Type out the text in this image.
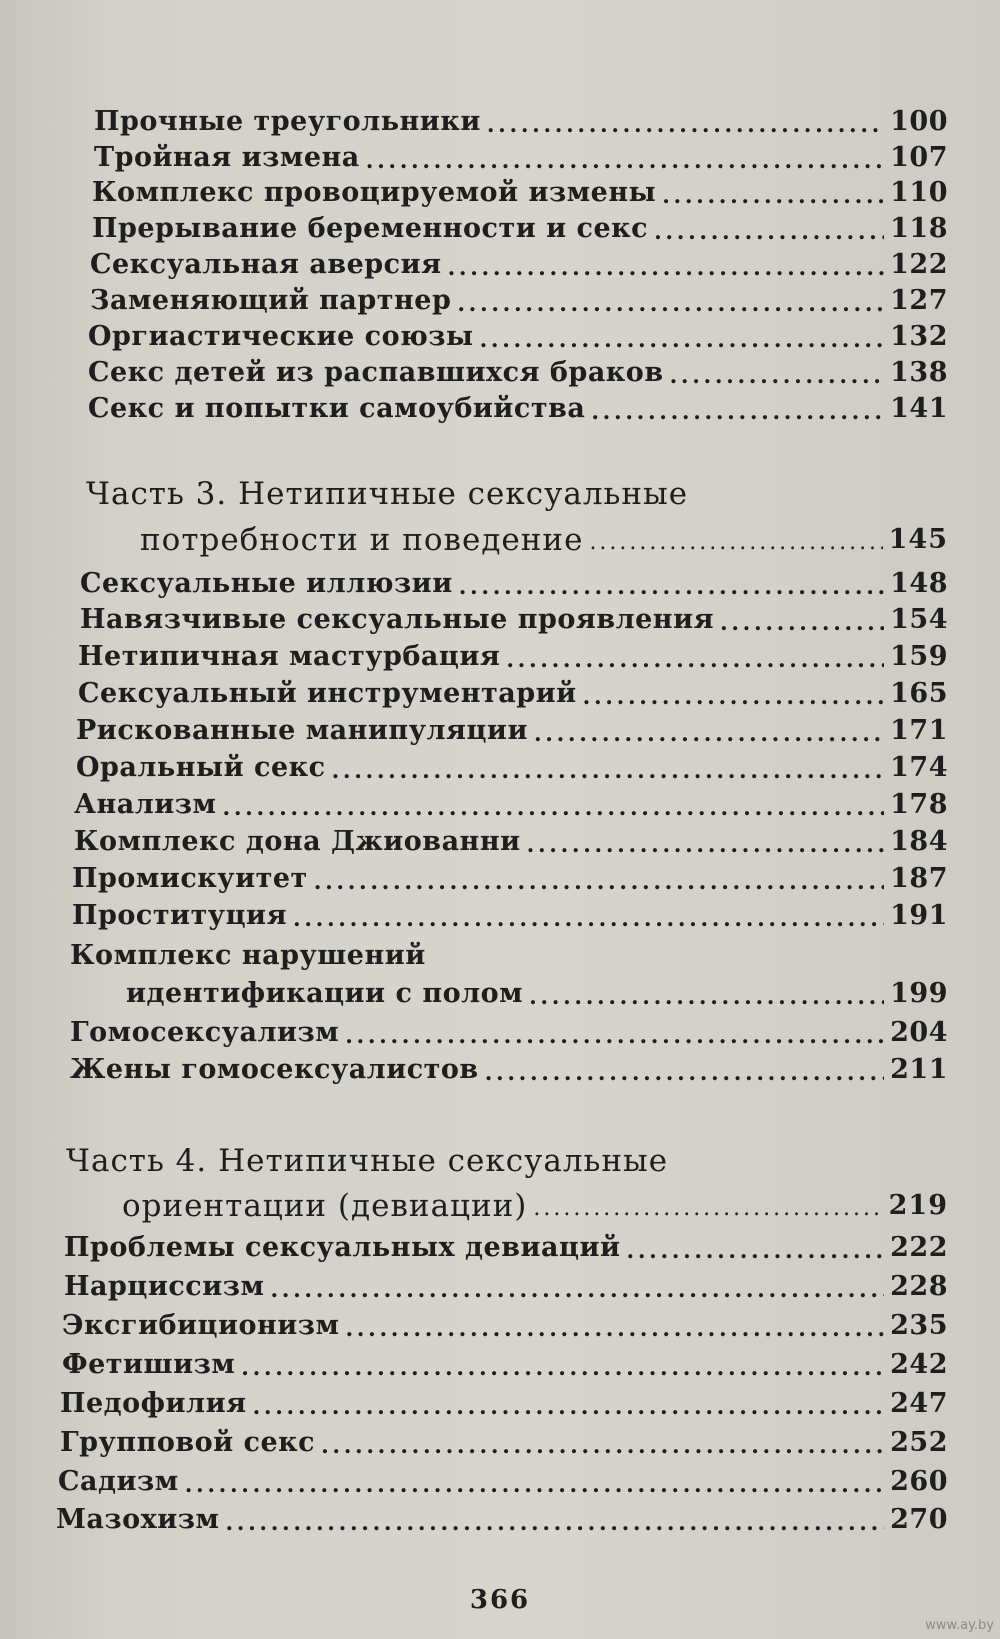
Прочные треугольники . . .	100
Тройная измена . . .	107
Комплекс провоцируемой измены . . .	110
Прерывание беременности и секс . . .	118
Сексуальная аверсия . . .	122
Заменяющий партнер . . .	127
Оргиастические союзы . . .	132
Секс детей из распавшихся браков . . .	138
Секс и попытки самоубийства . . .	141
Часть 3. Нетипичные сексуальные
потребности и поведение . . .	145
Сексуальные иллюзии . . .	148
Навязчивые сексуальные проявления . . .	154
Нетипичная мастурбация . . .	159
Сексуальный инструментарий . . .	165
Рискованные манипуляции . . .	171
Оральный секс . . .	174
Анализм . . .	178
Комплекс дона Джиованни . . .	184
Промискуитет . . .	187
Проституция . . .	191
Комплекс нарушений
идентификации с полом . . .	199
Гомосексуализм . . .	204
Жены гомосексуалистов . . .	211
Часть 4. Нетипичные сексуальные
ориентации (девиации) . . .	219
Проблемы сексуальных девиаций . . .	222
Нарциссизм . . .	228
Эксгибиционизм . . .	235
Фетишизм . . .	242
Педофилия . . .	247
Групповой секс . . .	252
Садизм . . .	260
Мазохизм . . .	270
366
www.ay.by
